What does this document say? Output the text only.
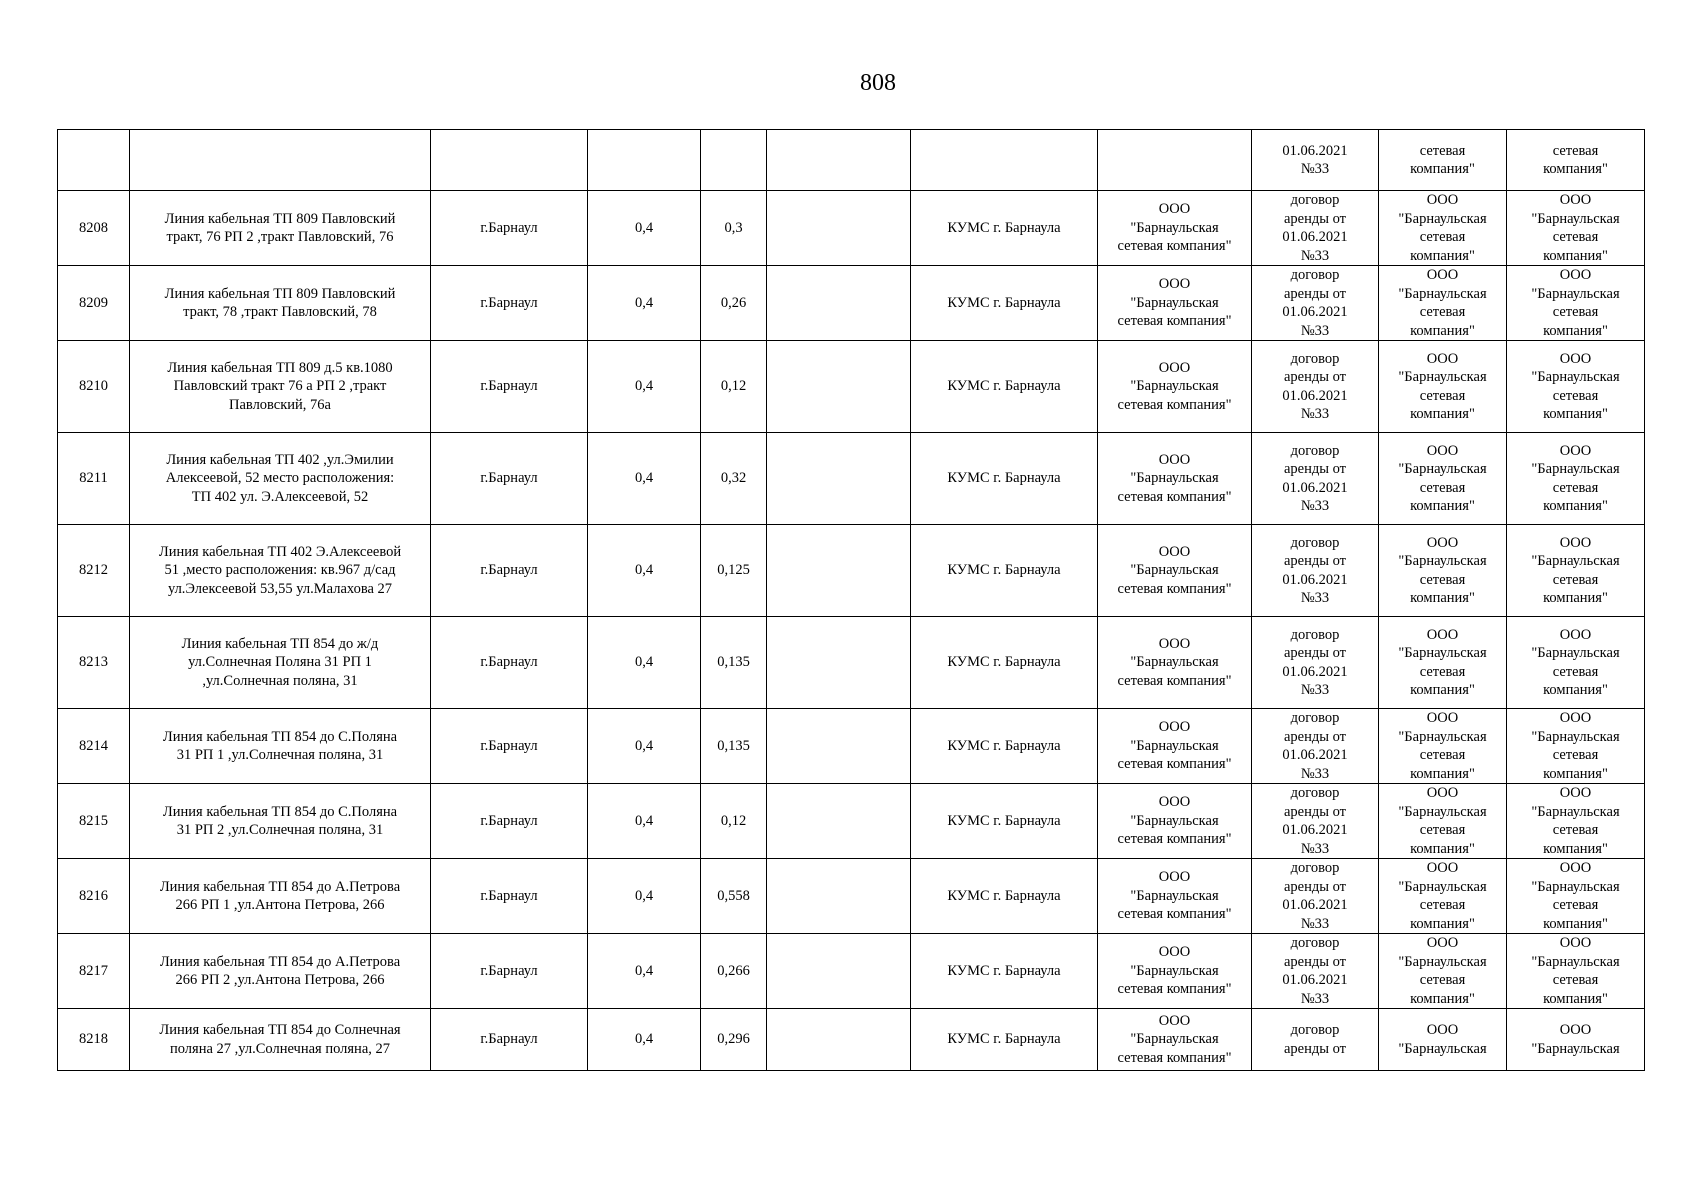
808

								01.06.2021
№33	сетевая
компания"	сетевая
компания"

8208	Линия кабельная ТП 809 Павловский
тракт, 76 РП 2 ,тракт Павловский, 76	г.Барнаул	0,4	0,3		КУМС г. Барнаула	ООО
"Барнаульская
сетевая компания"	договор
аренды от
01.06.2021
№33	ООО
"Барнаульская
сетевая
компания"	ООО
"Барнаульская
сетевая
компания"

8209	Линия кабельная ТП 809 Павловский
тракт, 78 ,тракт Павловский, 78	г.Барнаул	0,4	0,26		КУМС г. Барнаула	ООО
"Барнаульская
сетевая компания"	договор
аренды от
01.06.2021
№33	ООО
"Барнаульская
сетевая
компания"	ООО
"Барнаульская
сетевая
компания"

8210	Линия кабельная ТП 809 д.5 кв.1080
Павловский тракт 76 а РП 2 ,тракт
Павловский, 76а	г.Барнаул	0,4	0,12		КУМС г. Барнаула	ООО
"Барнаульская
сетевая компания"	договор
аренды от
01.06.2021
№33	ООО
"Барнаульская
сетевая
компания"	ООО
"Барнаульская
сетевая
компания"

8211	Линия кабельная ТП 402 ,ул.Эмилии
Алексеевой, 52 место расположения:
ТП 402 ул. Э.Алексеевой, 52	г.Барнаул	0,4	0,32		КУМС г. Барнаула	ООО
"Барнаульская
сетевая компания"	договор
аренды от
01.06.2021
№33	ООО
"Барнаульская
сетевая
компания"	ООО
"Барнаульская
сетевая
компания"

8212	Линия кабельная ТП 402 Э.Алексеевой
51 ,место расположения: кв.967 д/сад
ул.Элексеевой 53,55 ул.Малахова 27	г.Барнаул	0,4	0,125		КУМС г. Барнаула	ООО
"Барнаульская
сетевая компания"	договор
аренды от
01.06.2021
№33	ООО
"Барнаульская
сетевая
компания"	ООО
"Барнаульская
сетевая
компания"

8213	Линия кабельная ТП 854 до ж/д
ул.Солнечная Поляна 31 РП 1
,ул.Солнечная поляна, 31	г.Барнаул	0,4	0,135		КУМС г. Барнаула	ООО
"Барнаульская
сетевая компания"	договор
аренды от
01.06.2021
№33	ООО
"Барнаульская
сетевая
компания"	ООО
"Барнаульская
сетевая
компания"

8214	Линия кабельная ТП 854 до С.Поляна
31 РП 1 ,ул.Солнечная поляна, 31	г.Барнаул	0,4	0,135		КУМС г. Барнаула	ООО
"Барнаульская
сетевая компания"	договор
аренды от
01.06.2021
№33	ООО
"Барнаульская
сетевая
компания"	ООО
"Барнаульская
сетевая
компания"

8215	Линия кабельная ТП 854 до С.Поляна
31 РП 2 ,ул.Солнечная поляна, 31	г.Барнаул	0,4	0,12		КУМС г. Барнаула	ООО
"Барнаульская
сетевая компания"	договор
аренды от
01.06.2021
№33	ООО
"Барнаульская
сетевая
компания"	ООО
"Барнаульская
сетевая
компания"

8216	Линия кабельная ТП 854 до А.Петрова
266 РП 1 ,ул.Антона Петрова, 266	г.Барнаул	0,4	0,558		КУМС г. Барнаула	ООО
"Барнаульская
сетевая компания"	договор
аренды от
01.06.2021
№33	ООО
"Барнаульская
сетевая
компания"	ООО
"Барнаульская
сетевая
компания"

8217	Линия кабельная ТП 854 до А.Петрова
266 РП 2 ,ул.Антона Петрова, 266	г.Барнаул	0,4	0,266		КУМС г. Барнаула	ООО
"Барнаульская
сетевая компания"	договор
аренды от
01.06.2021
№33	ООО
"Барнаульская
сетевая
компания"	ООО
"Барнаульская
сетевая
компания"

8218	Линия кабельная ТП 854 до Солнечная
поляна 27 ,ул.Солнечная поляна, 27	г.Барнаул	0,4	0,296		КУМС г. Барнаула	ООО
"Барнаульская
сетевая компания"	договор
аренды от	ООО
"Барнаульская	ООО
"Барнаульская
